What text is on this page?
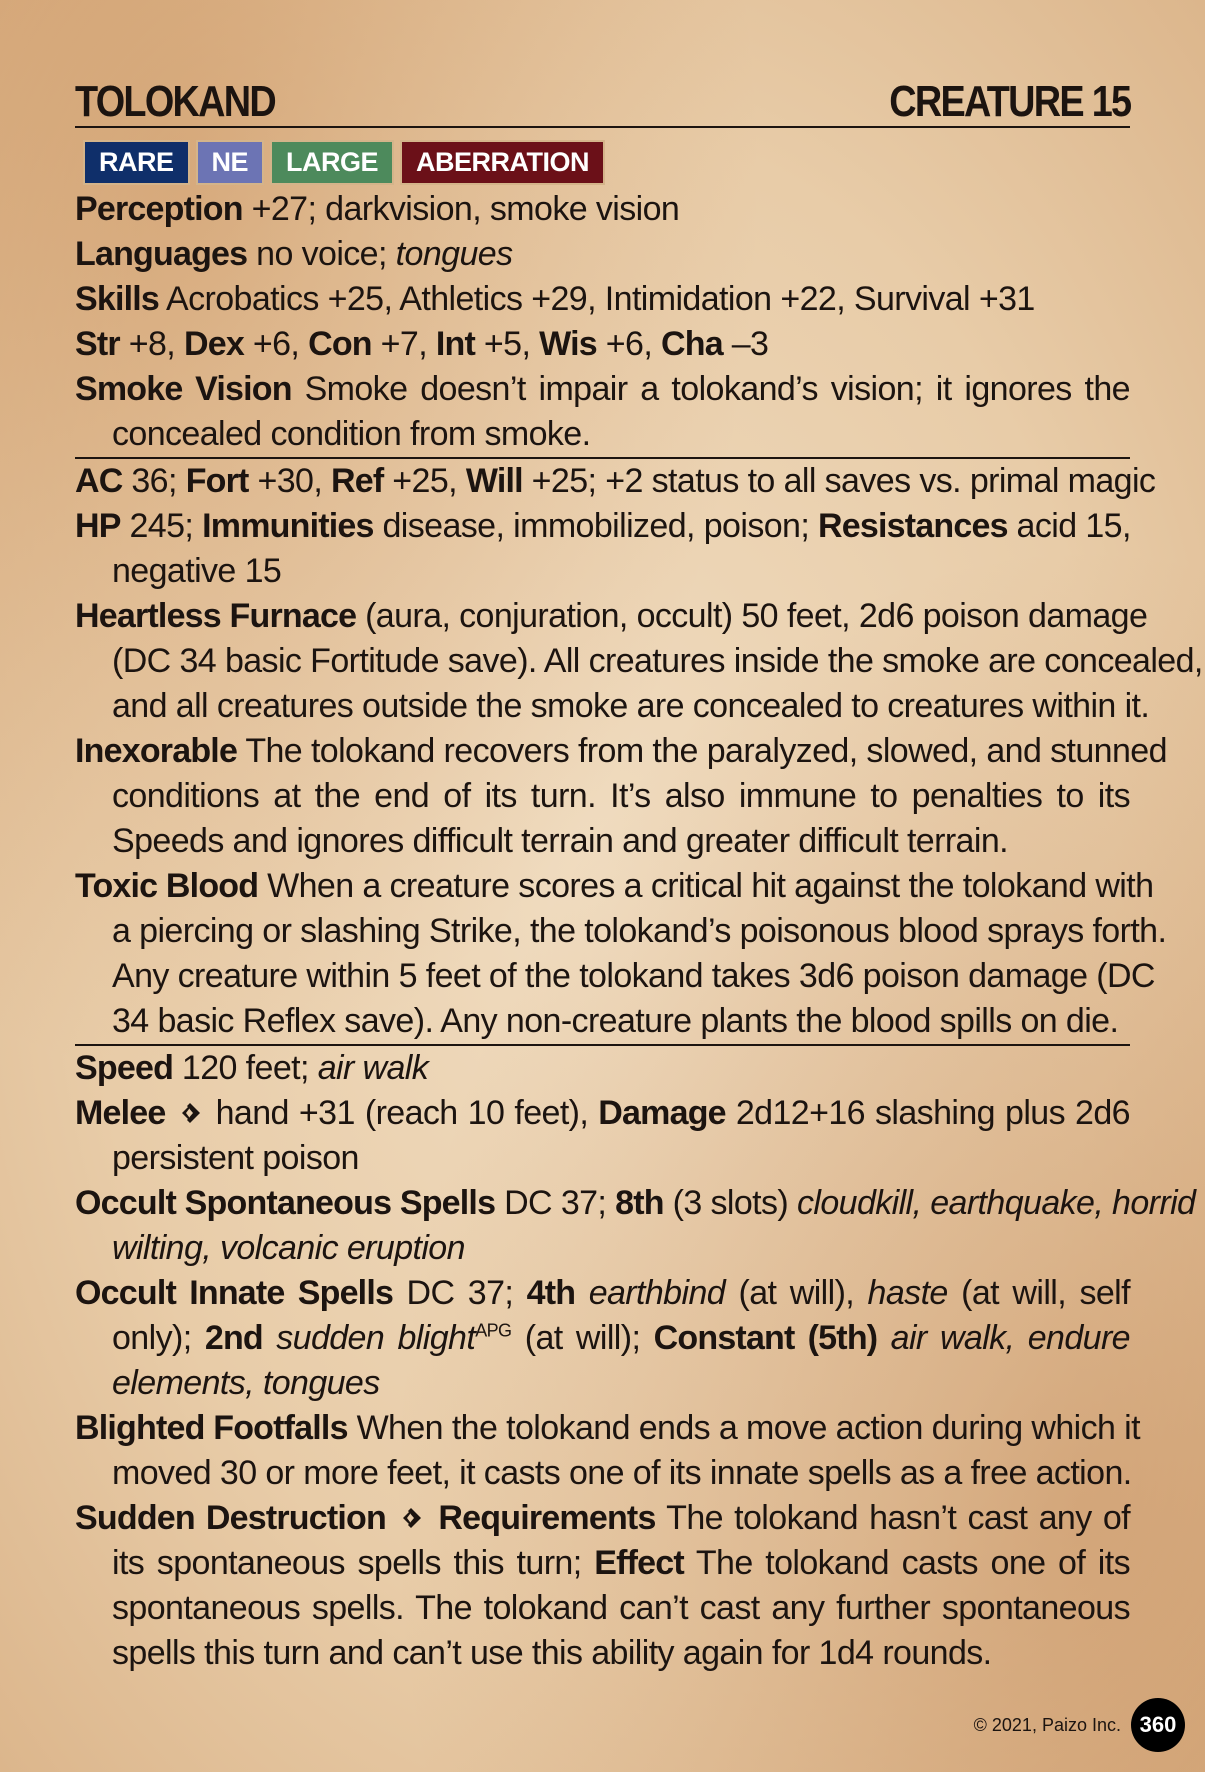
TOLOKAND	CREATURE 15
RARE	NE	LARGE	ABERRATION
Perception +27; darkvision, smoke vision
Languages no voice; tongues
Skills Acrobatics +25, Athletics +29, Intimidation +22, Survival +31
Str +8, Dex +6, Con +7, Int +5, Wis +6, Cha –3
Smoke Vision Smoke doesn’t impair a tolokand’s vision; it ignores the
concealed condition from smoke.
AC 36; Fort +30, Ref +25, Will +25; +2 status to all saves vs. primal magic
HP 245; Immunities disease, immobilized, poison; Resistances acid 15,
negative 15
Heartless Furnace (aura, conjuration, occult) 50 feet, 2d6 poison damage
(DC 34 basic Fortitude save). All creatures inside the smoke are concealed,
and all creatures outside the smoke are concealed to creatures within it.
Inexorable The tolokand recovers from the paralyzed, slowed, and stunned
conditions at the end of its turn. It’s also immune to penalties to its
Speeds and ignores difficult terrain and greater difficult terrain.
Toxic Blood When a creature scores a critical hit against the tolokand with
a piercing or slashing Strike, the tolokand’s poisonous blood sprays forth.
Any creature within 5 feet of the tolokand takes 3d6 poison damage (DC
34 basic Reflex save). Any non-creature plants the blood spills on die.
Speed 120 feet; air walk
Melee hand +31 (reach 10 feet), Damage 2d12+16 slashing plus 2d6
persistent poison
Occult Spontaneous Spells DC 37; 8th (3 slots) cloudkill, earthquake, horrid
wilting, volcanic eruption
Occult Innate Spells DC 37; 4th earthbind (at will), haste (at will, self
only); 2nd sudden blight$^{APG}$ (at will); Constant (5th) air walk, endure
elements, tongues
Blighted Footfalls When the tolokand ends a move action during which it
moved 30 or more feet, it casts one of its innate spells as a free action.
Sudden Destruction Requirements The tolokand hasn’t cast any of
its spontaneous spells this turn; Effect The tolokand casts one of its
spontaneous spells. The tolokand can’t cast any further spontaneous
spells this turn and can’t use this ability again for 1d4 rounds.
© 2021, Paizo Inc. 360
